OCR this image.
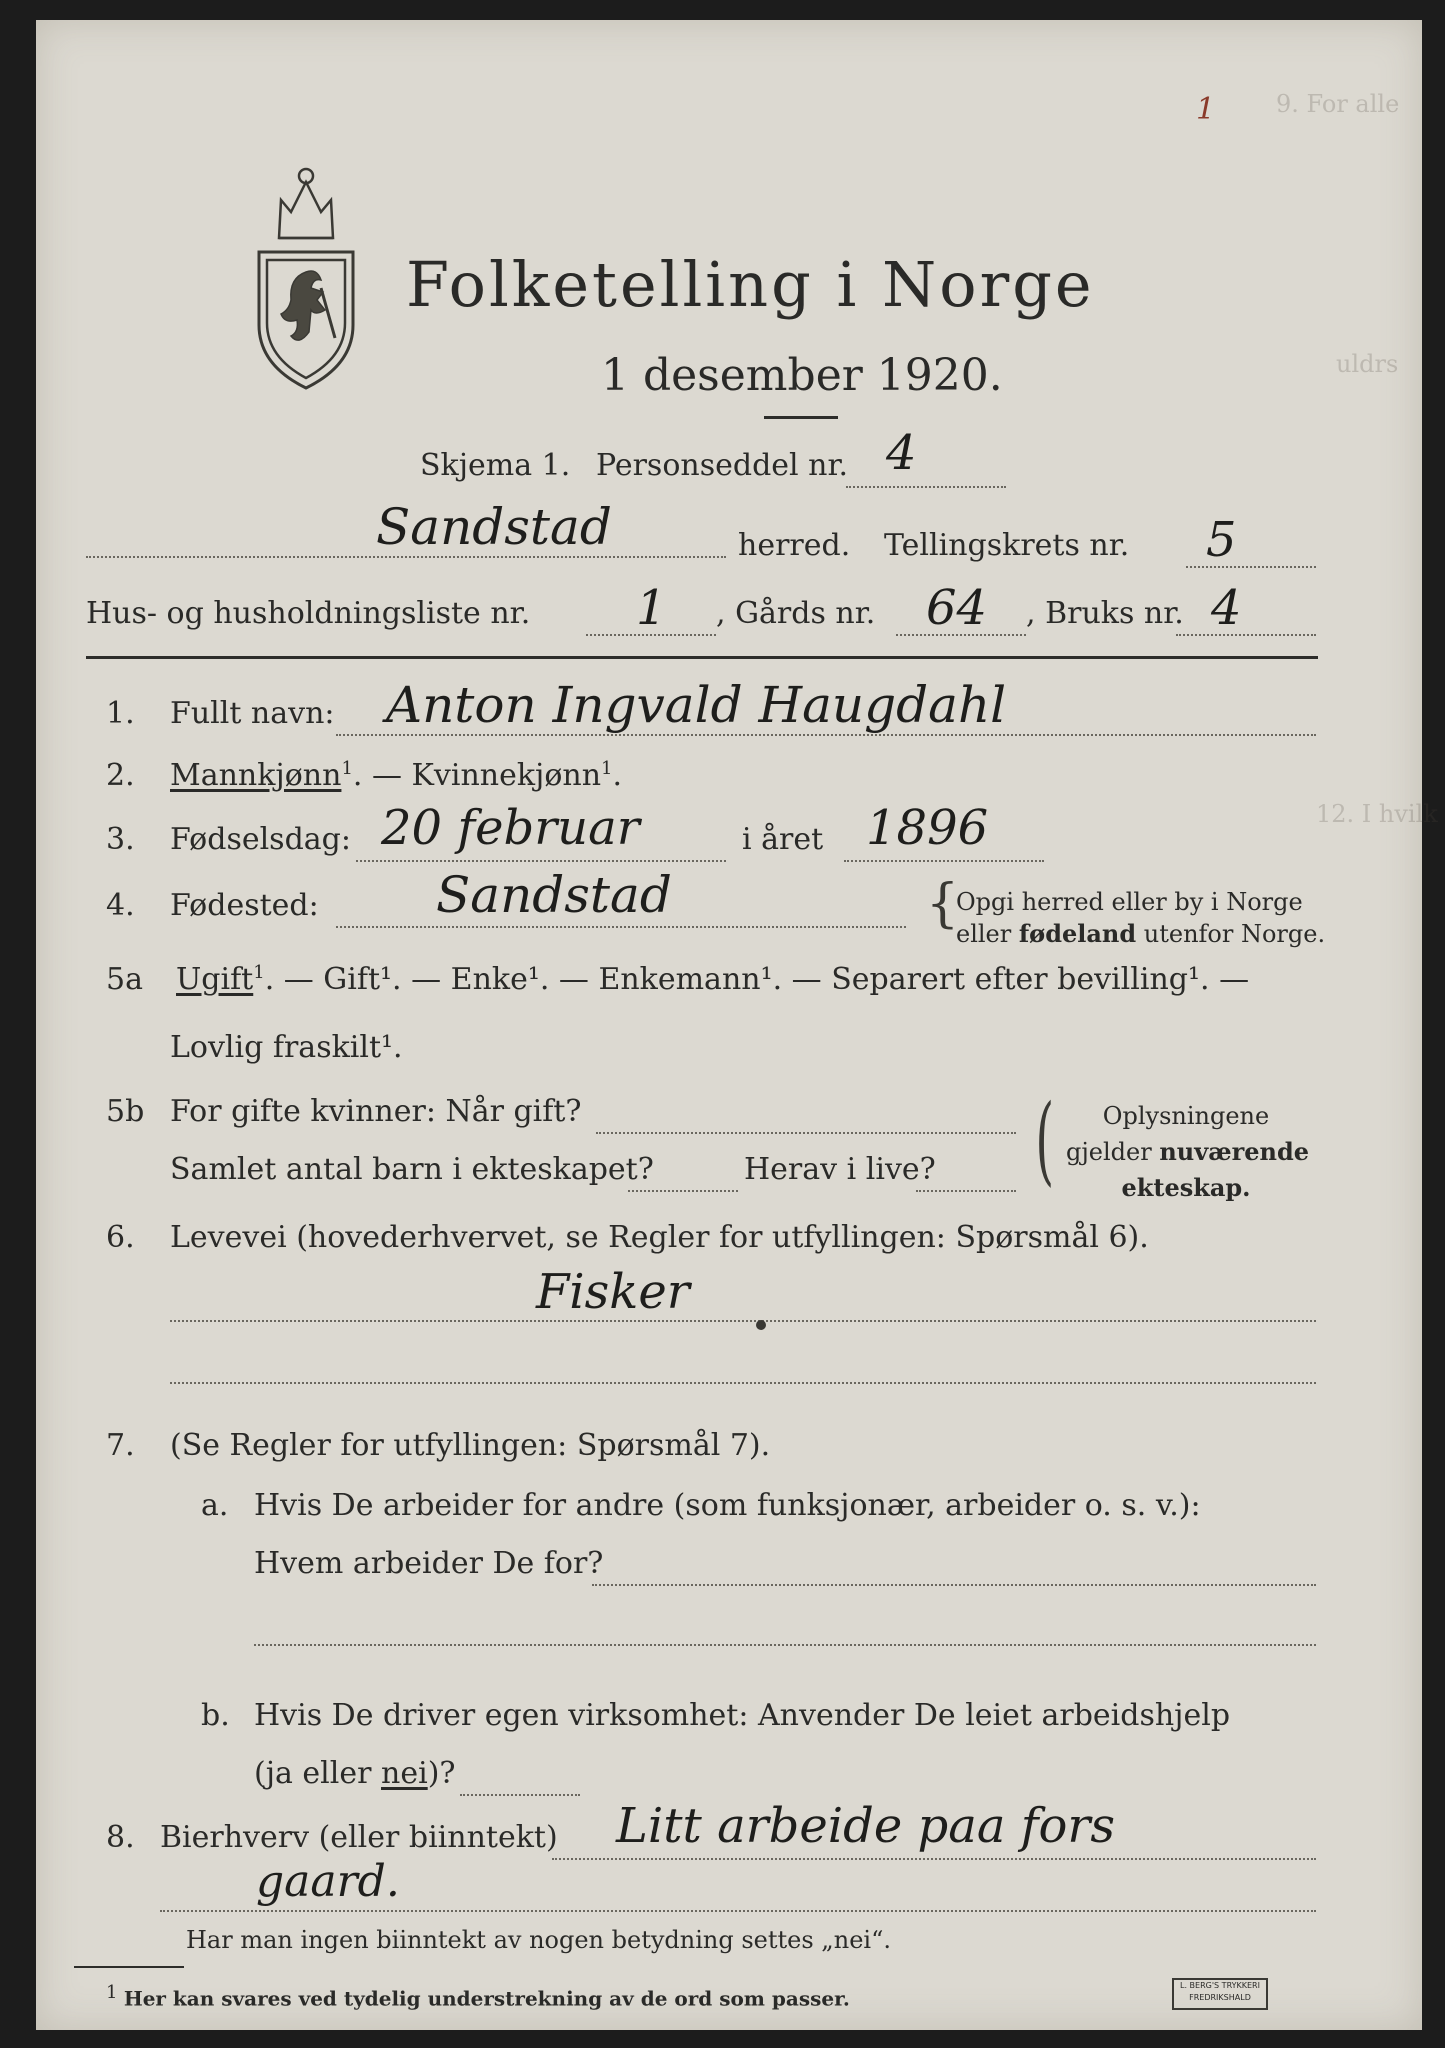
9. For alle
uldrs
12. I hvilk
1
Folketelling i Norge
1 desember 1920.
Skjema 1. Personseddel nr. 4
Sandstad	herred. Tellingskrets nr. 5
Hus- og husholdningsliste nr. 1 , Gårds nr. 64 , Bruks nr. 4
1. Fullt navn: Anton Ingvald Haugdahl
2. Mannkjønn$^1$. — Kvinnekjønn$^1$.
3. Fødselsdag: 20 februar	i året 1896
4. Fødested: Sandstad	{
Opgi herred eller by i Norge
eller fødeland utenfor Norge.
5a Ugift$^1$. — Gift¹. — Enke¹. — Enkemann¹. — Separert efter bevilling¹. —
Lovlig fraskilt¹.
5b For gifte kvinner: Når gift?
Samlet antal barn i ekteskapet?	Herav i live? (	Oplysningene
gjelder nuværende
ekteskap.
6. Levevei (hovederhvervet, se Regler for utfyllingen: Spørsmål 6).
Fisker
7. (Se Regler for utfyllingen: Spørsmål 7).
a. Hvis De arbeider for andre (som funksjonær, arbeider o. s. v.):
Hvem arbeider De for?
b. Hvis De driver egen virksomhet: Anvender De leiet arbeidshjelp
(ja eller nei)?
8. Bierhverv (eller biinntekt) Litt arbeide paa fors
gaard.
Har man ingen biinntekt av nogen betydning settes „nei“.
1 Her kan svares ved tydelig understrekning av de ord som passer.
L. BERG'S TRYKKERI FREDRIKSHALD
